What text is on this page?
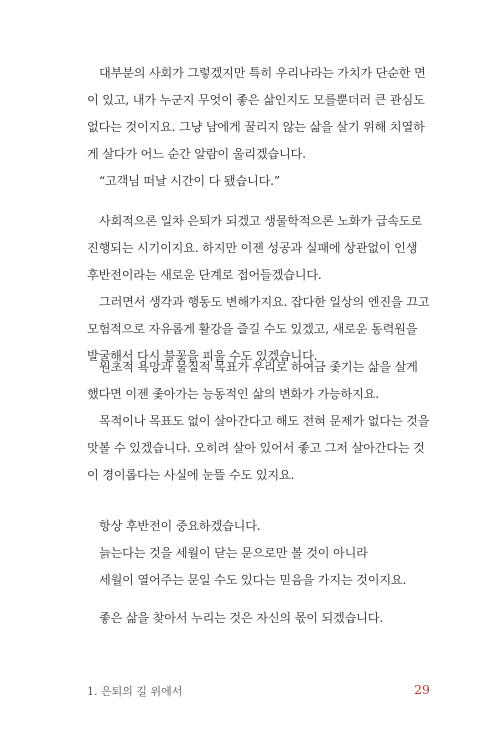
대부분의 사회가 그렇겠지만 특히 우리나라는 가치가 단순한 면이 있고, 내가 누군지 무엇이 좋은 삶인지도 모를뿐더러 큰 관심도 없다는 것이지요. 그냥 남에게 꿀리지 않는 삶을 살기 위해 치열하게 살다가 어느 순간 알람이 울리겠습니다.

“고객님 떠날 시간이 다 됐습니다.”

사회적으론 일차 은퇴가 되겠고 생물학적으론 노화가 급속도로 진행되는 시기이지요. 하지만 이젠 성공과 실패에 상관없이 인생 후반전이라는 새로운 단계로 접어들겠습니다.

그러면서 생각과 행동도 변해가지요. 잡다한 일상의 엔진을 끄고 모험적으로 자유롭게 활강을 즐길 수도 있겠고, 새로운 동력원을 발굴해서 다시 불꽃을 피울 수도 있겠습니다.

원초적 욕망과 물질적 목표가 우리로 하여금 좇기는 삶을 살게 했다면 이젠 좇아가는 능동적인 삶의 변화가 가능하지요.

목적이나 목표도 없이 살아간다고 해도 전혀 문제가 없다는 것을 맛볼 수 있겠습니다. 오히려 살아 있어서 좋고 그저 살아간다는 것이 경이롭다는 사실에 눈뜰 수도 있지요.

항상 후반전이 중요하겠습니다.

늙는다는 것을 세월이 닫는 문으로만 볼 것이 아니라

세월이 열어주는 문일 수도 있다는 믿음을 가지는 것이지요.

좋은 삶을 찾아서 누리는 것은 자신의 몫이 되겠습니다.

1. 은퇴의 길 위에서	29
